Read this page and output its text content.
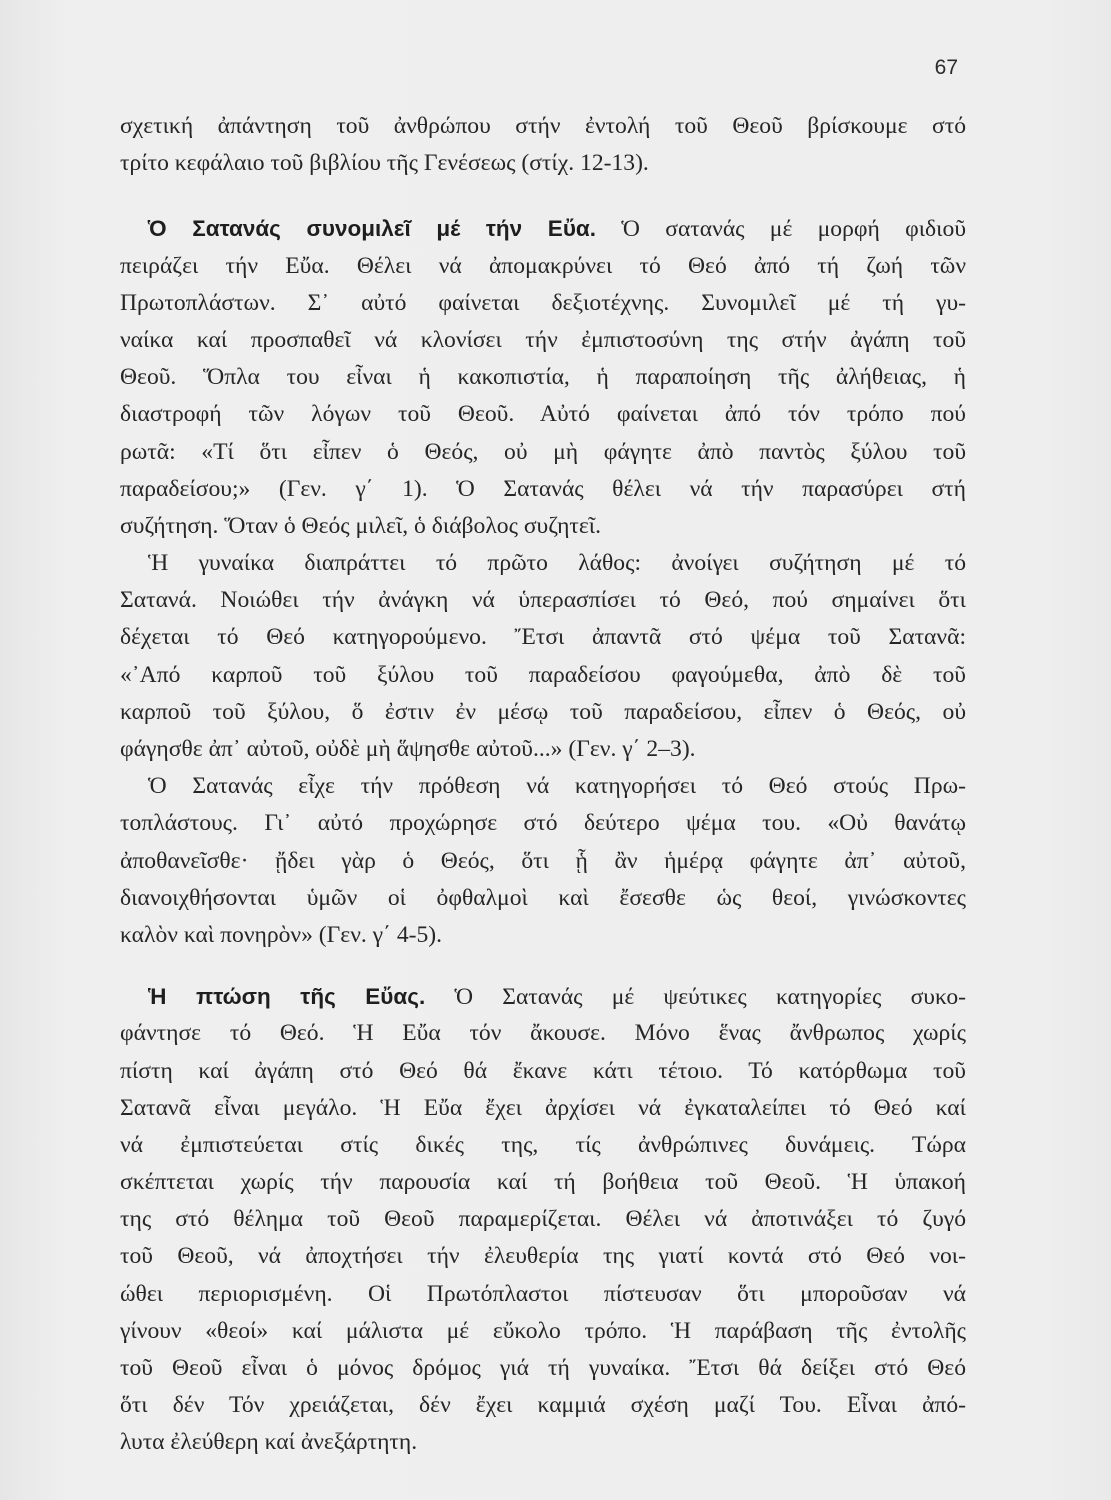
67
σχετική ἀπάντηση τοῦ ἀνθρώπου στήν ἐντολή τοῦ Θεοῦ βρίσκουμε στό
τρίτο κεφάλαιο τοῦ βιβλίου τῆς Γενέσεως (στίχ. 12-13).
Ὁ Σατανάς συνομιλεῖ μέ τήν Εὔα. Ὁ σατανάς μέ μορφή φιδιοῦ
πειράζει τήν Εὔα. Θέλει νά ἀπομακρύνει τό Θεό ἀπό τή ζωή τῶν
Πρωτοπλάστων. Σ᾽ αὐτό φαίνεται δεξιοτέχνης. Συνομιλεῖ μέ τή γυ-
ναίκα καί προσπαθεῖ νά κλονίσει τήν ἐμπιστοσύνη της στήν ἀγάπη τοῦ
Θεοῦ. Ὅπλα του εἶναι ἡ κακοπιστία, ἡ παραποίηση τῆς ἀλήθειας, ἡ
διαστροφή τῶν λόγων τοῦ Θεοῦ. Αὐτό φαίνεται ἀπό τόν τρόπο πού
ρωτᾶ: «Τί ὅτι εἶπεν ὁ Θεός, οὐ μὴ φάγητε ἀπὸ παντὸς ξύλου τοῦ
παραδείσου;» (Γεν. γ΄ 1). Ὁ Σατανάς θέλει νά τήν παρασύρει στή
συζήτηση. Ὅταν ὁ Θεός μιλεῖ, ὁ διάβολος συζητεῖ.
Ἡ γυναίκα διαπράττει τό πρῶτο λάθος: ἀνοίγει συζήτηση μέ τό
Σατανά. Νοιώθει τήν ἀνάγκη νά ὑπερασπίσει τό Θεό, πού σημαίνει ὅτι
δέχεται τό Θεό κατηγορούμενο. Ἔτσι ἀπαντᾶ στό ψέμα τοῦ Σατανᾶ:
«᾽Από καρποῦ τοῦ ξύλου τοῦ παραδείσου φαγούμεθα, ἀπὸ δὲ τοῦ
καρποῦ τοῦ ξύλου, ὅ ἐστιν ἐν μέσῳ τοῦ παραδείσου, εἶπεν ὁ Θεός, οὐ
φάγησθε ἀπ᾽ αὐτοῦ, οὐδὲ μὴ ἅψησθε αὐτοῦ...» (Γεν. γ΄ 2–3).
Ὁ Σατανάς εἶχε τήν πρόθεση νά κατηγορήσει τό Θεό στούς Πρω-
τοπλάστους. Γι᾽ αὐτό προχώρησε στό δεύτερο ψέμα του. «Οὐ θανάτῳ
ἀποθανεῖσθε· ᾔδει γὰρ ὁ Θεός, ὅτι ᾗ ἂν ἡμέρᾳ φάγητε ἀπ᾽ αὐτοῦ,
διανοιχθήσονται ὑμῶν οἱ ὀφθαλμοὶ καὶ ἔσεσθε ὡς θεοί, γινώσκοντες
καλὸν καὶ πονηρὸν» (Γεν. γ΄ 4-5).
Ἡ πτώση τῆς Εὔας. Ὁ Σατανάς μέ ψεύτικες κατηγορίες συκο-
φάντησε τό Θεό. Ἡ Εὔα τόν ἄκουσε. Μόνο ἕνας ἄνθρωπος χωρίς
πίστη καί ἀγάπη στό Θεό θά ἔκανε κάτι τέτοιο. Τό κατόρθωμα τοῦ
Σατανᾶ εἶναι μεγάλο. Ἡ Εὔα ἔχει ἀρχίσει νά ἐγκαταλείπει τό Θεό καί
νά ἐμπιστεύεται στίς δικές της, τίς ἀνθρώπινες δυνάμεις. Τώρα
σκέπτεται χωρίς τήν παρουσία καί τή βοήθεια τοῦ Θεοῦ. Ἡ ὑπακοή
της στό θέλημα τοῦ Θεοῦ παραμερίζεται. Θέλει νά ἀποτινάξει τό ζυγό
τοῦ Θεοῦ, νά ἀποχτήσει τήν ἐλευθερία της γιατί κοντά στό Θεό νοι-
ώθει περιορισμένη. Οἱ Πρωτόπλαστοι πίστευσαν ὅτι μποροῦσαν νά
γίνουν «θεοί» καί μάλιστα μέ εὔκολο τρόπο. Ἡ παράβαση τῆς ἐντολῆς
τοῦ Θεοῦ εἶναι ὁ μόνος δρόμος γιά τή γυναίκα. Ἔτσι θά δείξει στό Θεό
ὅτι δέν Τόν χρειάζεται, δέν ἔχει καμμιά σχέση μαζί Του. Εἶναι ἀπό-
λυτα ἐλεύθερη καί ἀνεξάρτητη.
